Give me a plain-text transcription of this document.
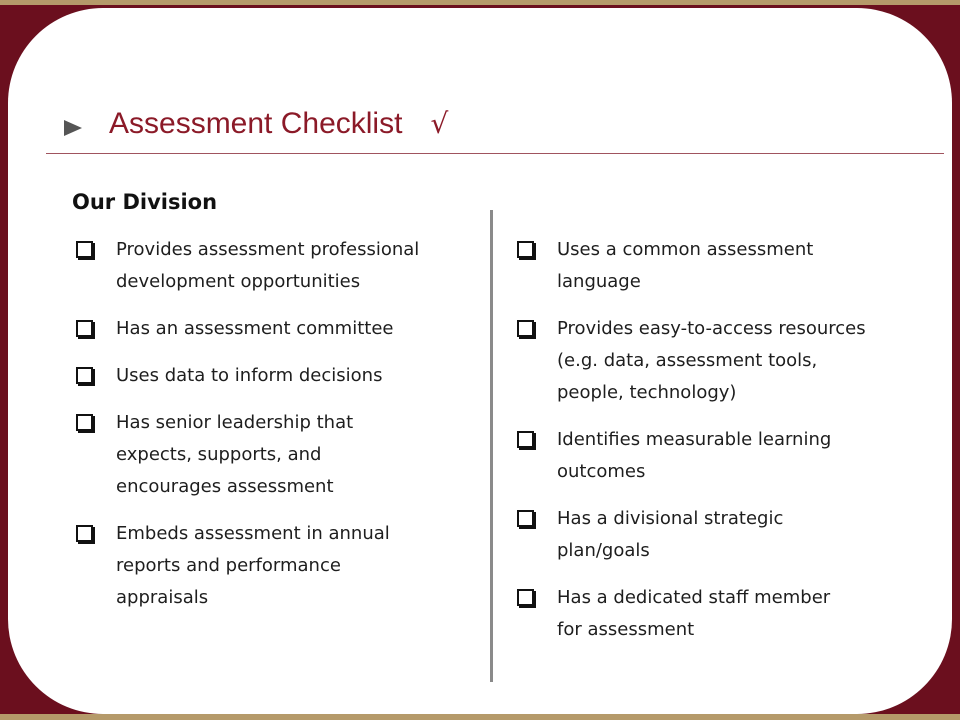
Assessment Checklist √
Our Division
Provides assessment professional
development opportunities
Has an assessment committee
Uses data to inform decisions
Has senior leadership that
expects, supports, and
encourages assessment
Embeds assessment in annual
reports and performance
appraisals
Uses a common assessment
language
Provides easy-to-access resources
(e.g. data, assessment tools,
people, technology)
Identifies measurable learning
outcomes
Has a divisional strategic
plan/goals
Has a dedicated staff member
for assessment
